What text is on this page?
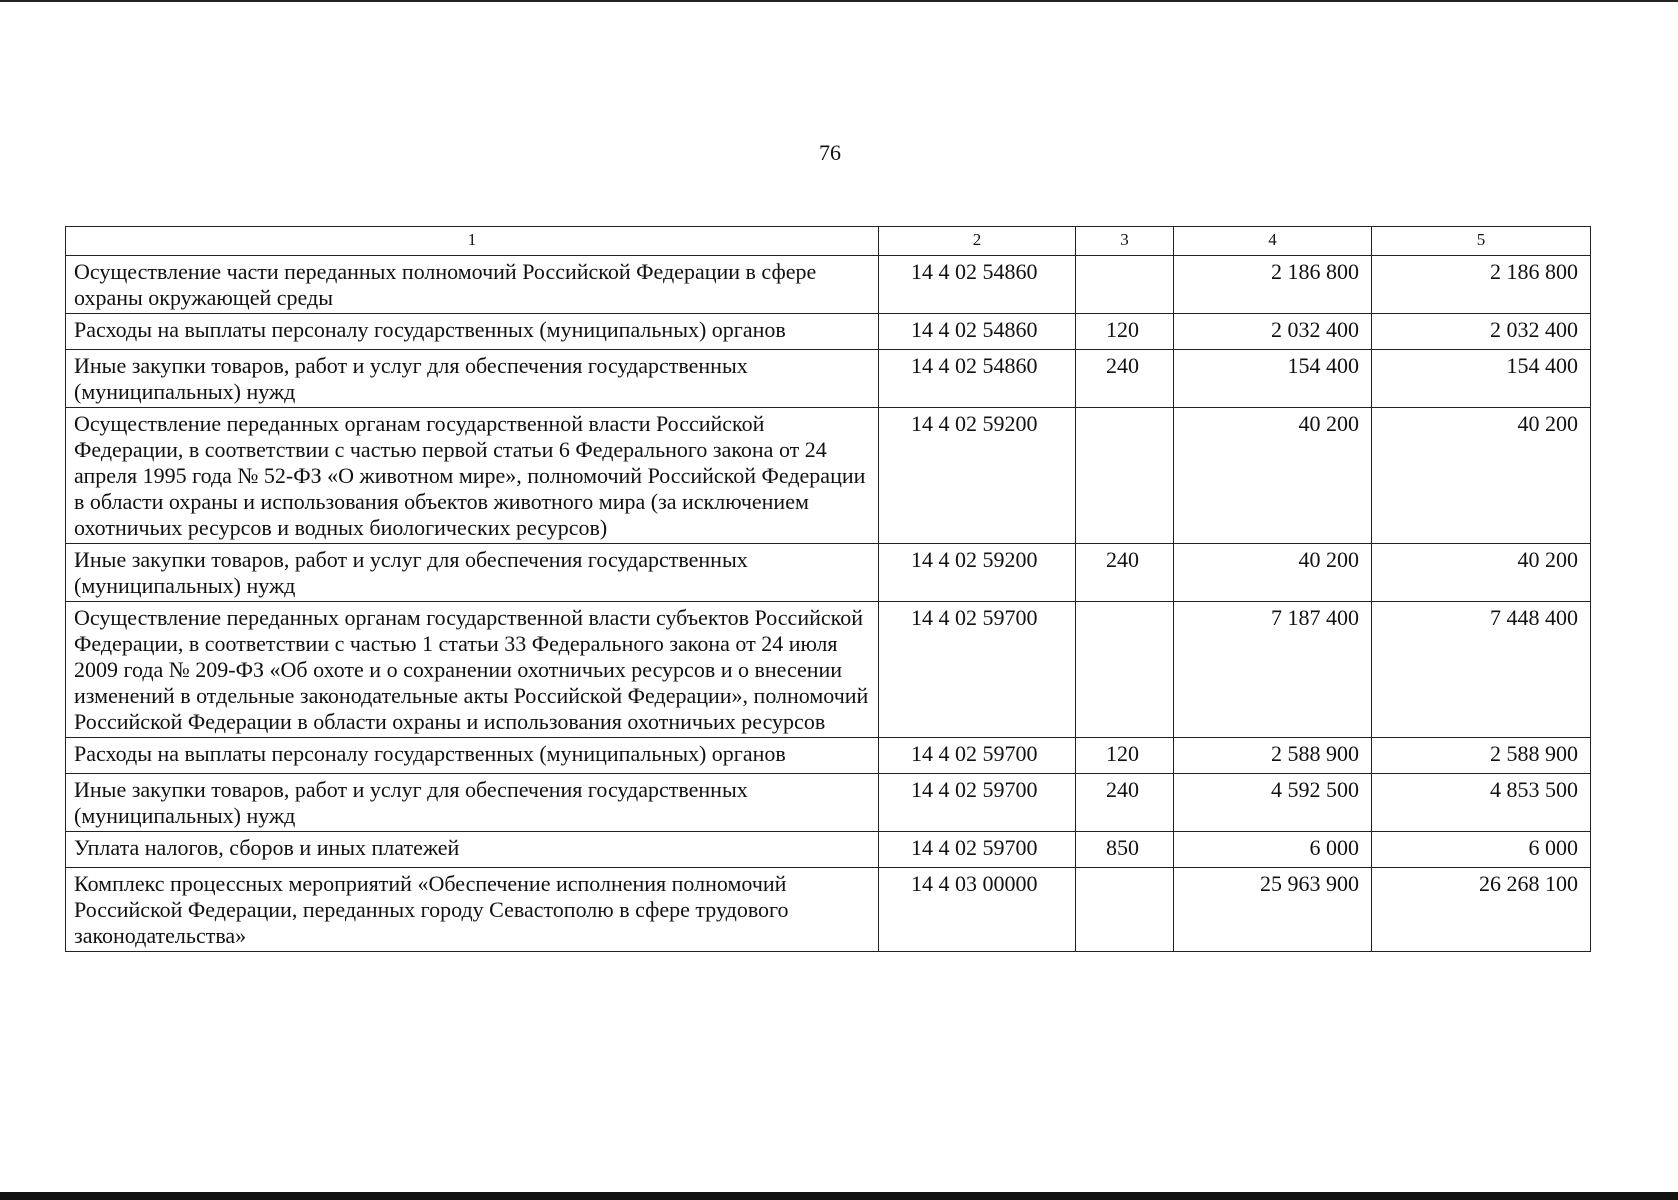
76
1	2	3	4	5
Осуществление части переданных полномочий Российской Федерации в сфере охраны окружающей среды	14 4 02 54860		2 186 800	2 186 800
Расходы на выплаты персоналу государственных (муниципальных) органов	14 4 02 54860	120	2 032 400	2 032 400
Иные закупки товаров, работ и услуг для обеспечения государственных (муниципальных) нужд	14 4 02 54860	240	154 400	154 400
Осуществление переданных органам государственной власти Российской Федерации, в соответствии с частью первой статьи 6 Федерального закона от 24 апреля 1995 года № 52-ФЗ «О животном мире», полномочий Российской Федерации в области охраны и использования объектов животного мира (за исключением охотничьих ресурсов и водных биологических ресурсов)	14 4 02 59200		40 200	40 200
Иные закупки товаров, работ и услуг для обеспечения государственных (муниципальных) нужд	14 4 02 59200	240	40 200	40 200
Осуществление переданных органам государственной власти субъектов Российской Федерации, в соответствии с частью 1 статьи 33 Федерального закона от 24 июля 2009 года № 209-ФЗ «Об охоте и о сохранении охотничьих ресурсов и о внесении изменений в отдельные законодательные акты Российской Федерации», полномочий Российской Федерации в области охраны и использования охотничьих ресурсов	14 4 02 59700		7 187 400	7 448 400
Расходы на выплаты персоналу государственных (муниципальных) органов	14 4 02 59700	120	2 588 900	2 588 900
Иные закупки товаров, работ и услуг для обеспечения государственных (муниципальных) нужд	14 4 02 59700	240	4 592 500	4 853 500
Уплата налогов, сборов и иных платежей	14 4 02 59700	850	6 000	6 000
Комплекс процессных мероприятий «Обеспечение исполнения полномочий Российской Федерации, переданных городу Севастополю в сфере трудового законодательства»	14 4 03 00000		25 963 900	26 268 100
